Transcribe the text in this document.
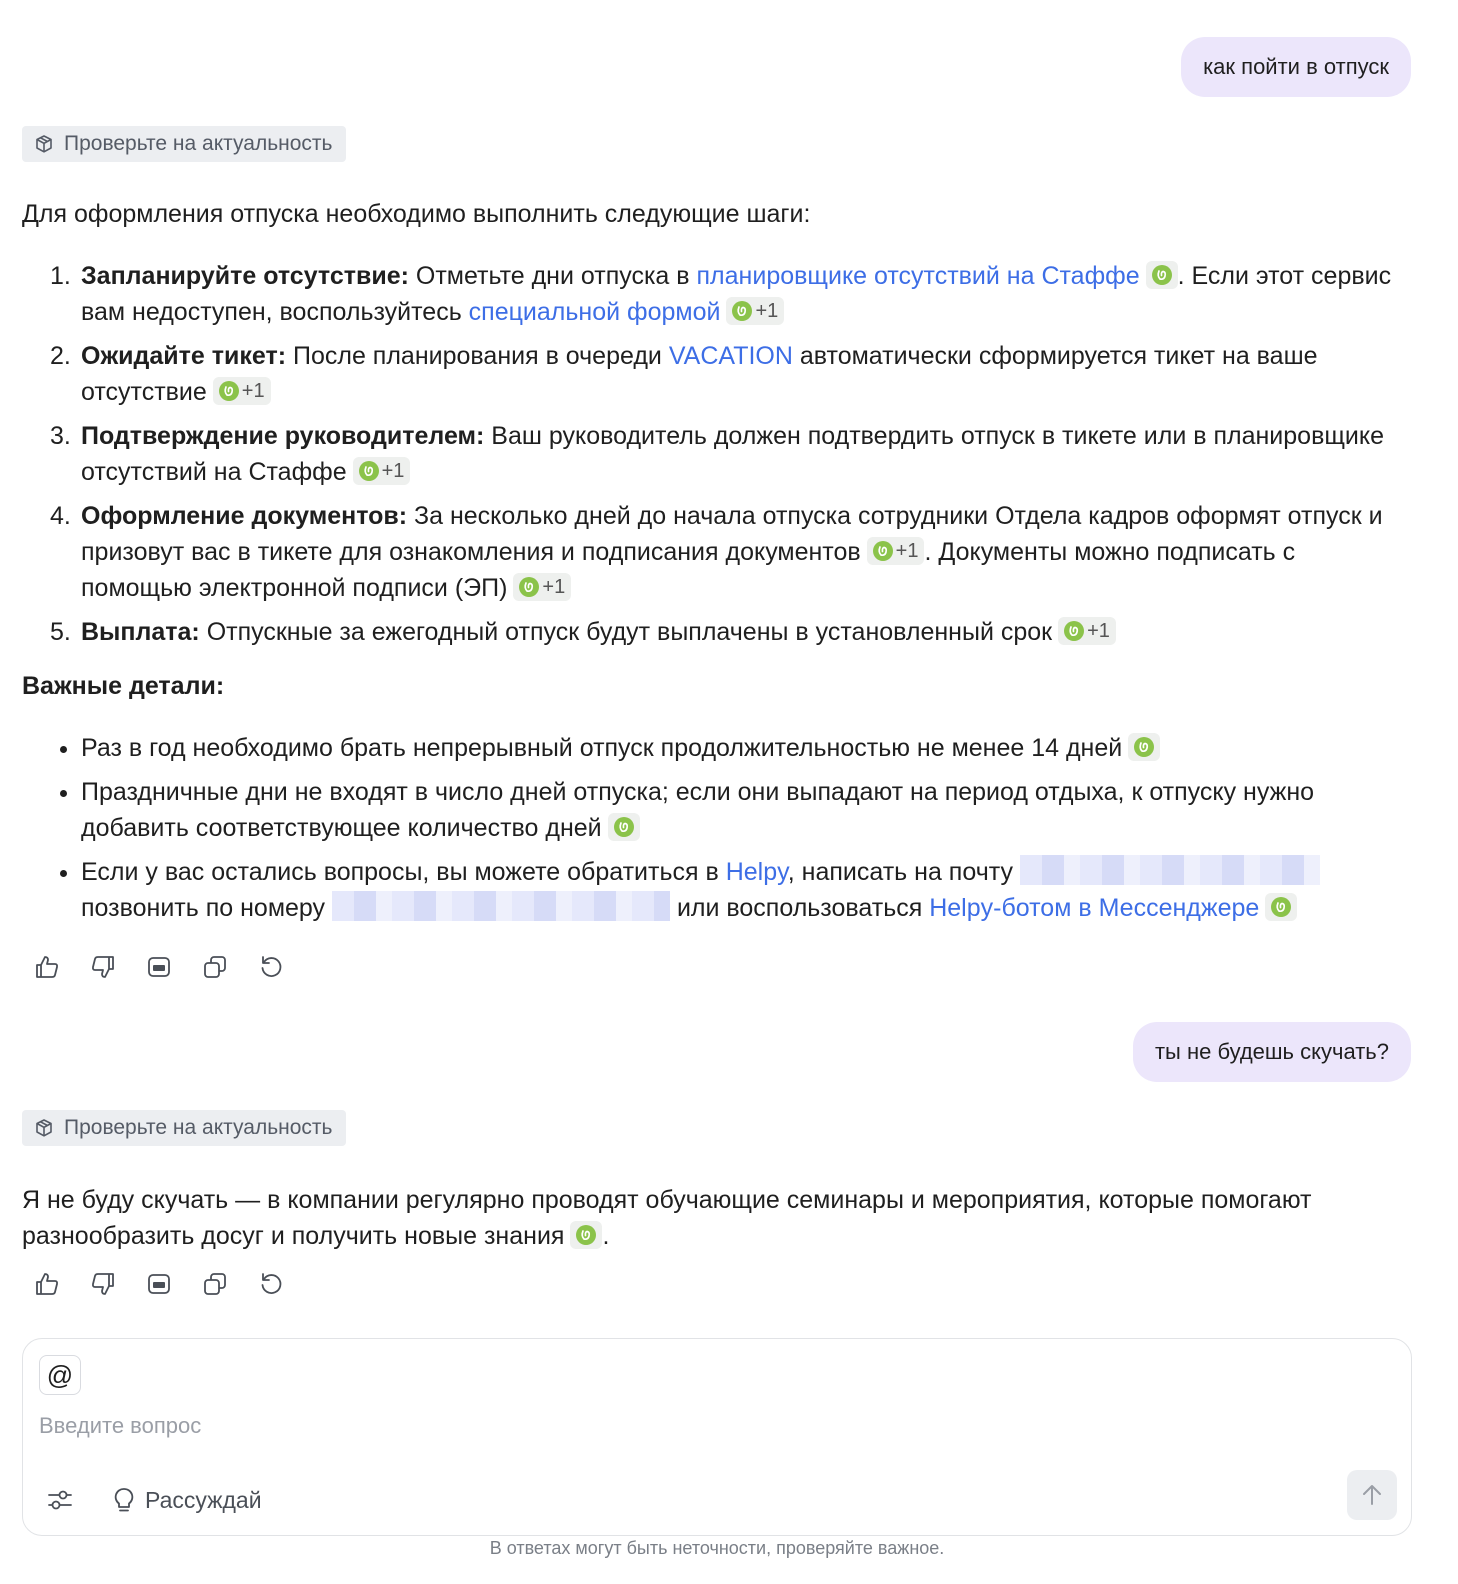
как пойти в отпуск
Проверьте на актуальность

Для оформления отпуска необходимо выполнить следующие шаги:

1. Запланируйте отсутствие: Отметьте дни отпуска в планировщике отсутствий на Стаффе . Если этот сервис вам недоступен, воспользуйтесь специальной формой +1
2. Ожидайте тикет: После планирования в очереди VACATION автоматически сформируется тикет на ваше отсутствие +1
3. Подтверждение руководителем: Ваш руководитель должен подтвердить отпуск в тикете или в планировщике отсутствий на Стаффе +1
4. Оформление документов: За несколько дней до начала отпуска сотрудники Отдела кадров оформят отпуск и призовут вас в тикете для ознакомления и подписания документов +1 . Документы можно подписать с помощью электронной подписи (ЭП) +1
5. Выплата: Отпускные за ежегодный отпуск будут выплачены в установленный срок +1

Важные детали:

Раз в год необходимо брать непрерывный отпуск продолжительностью не менее 14 дней
Праздничные дни не входят в число дней отпуска; если они выпадают на период отдыха, к отпуску нужно добавить соответствующее количество дней
Если у вас остались вопросы, вы можете обратиться в Helpy, написать на почту
позвонить по номеру	или воспользоваться Helpy-ботом в Мессенджере
ты не будешь скучать?
Проверьте на актуальность

Я не буду скучать — в компании регулярно проводят обучающие семинары и мероприятия, которые помогают разнообразить досуг и получить новые знания .

@
Введите вопрос
Рассуждай
В ответах могут быть неточности, проверяйте важное.
